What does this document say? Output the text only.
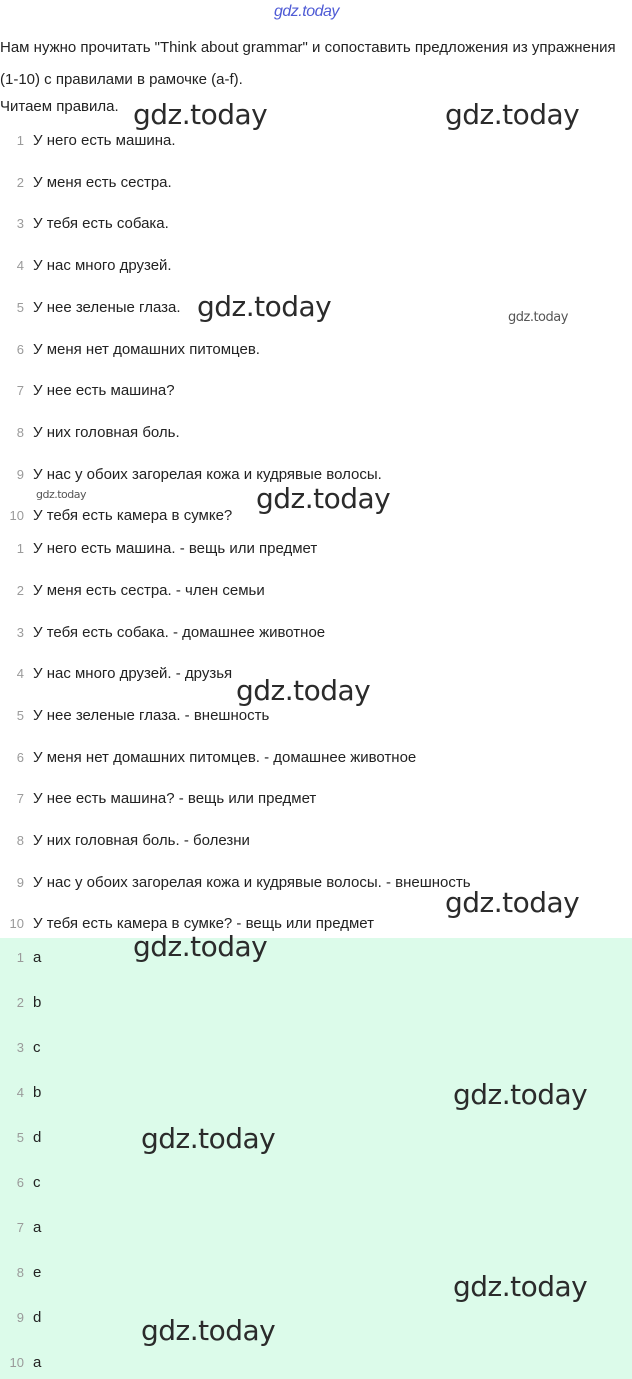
gdz.today
Нам нужно прочитать "Think about grammar" и сопоставить предложения из упражнения (1-10) с правилами в рамочке (a-f).
Читаем правила.
1 У него есть машина.
2 У меня есть сестра.
3 У тебя есть собака.
4 У нас много друзей.
5 У нее зеленые глаза.
6 У меня нет домашних питомцев.
7 У нее есть машина?
8 У них головная боль.
9 У нас у обоих загорелая кожа и кудрявые волосы.
10 У тебя есть камера в сумке?
1 У него есть машина. - вещь или предмет
2 У меня есть сестра. - член семьи
3 У тебя есть собака. - домашнее животное
4 У нас много друзей. - друзья
5 У нее зеленые глаза. - внешность
6 У меня нет домашних питомцев. - домашнее животное
7 У нее есть машина? - вещь или предмет
8 У них головная боль. - болезни
9 У нас у обоих загорелая кожа и кудрявые волосы. - внешность
10 У тебя есть камера в сумке? - вещь или предмет
1 a
2 b
3 c
4 b
5 d
6 c
7 a
8 e
9 d
10 a
gdz.today	gdz.today
gdz.today	gdz.today
gdz.today	gdz.today
gdz.today
gdz.today
gdz.today
gdz.today
gdz.today
gdz.today
gdz.today
